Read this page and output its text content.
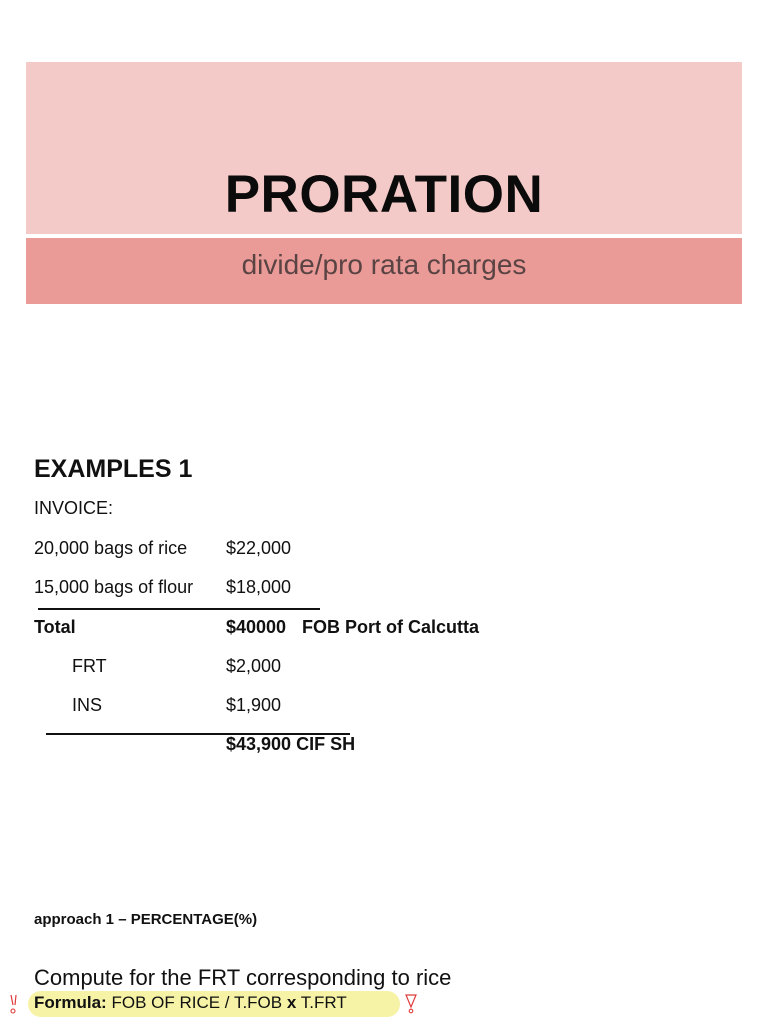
PRORATION
divide/pro rata charges
EXAMPLES 1
INVOICE:
20,000 bags of rice $22,000
15,000 bags of flour $18,000
Total	$40000 FOB Port of Calcutta
FRT	$2,000
INS	$1,900
$43,900 CIF SH
approach 1 – PERCENTAGE(%)
Compute for the FRT corresponding to rice
Formula: FOB OF RICE / T.FOB x T.FRT
